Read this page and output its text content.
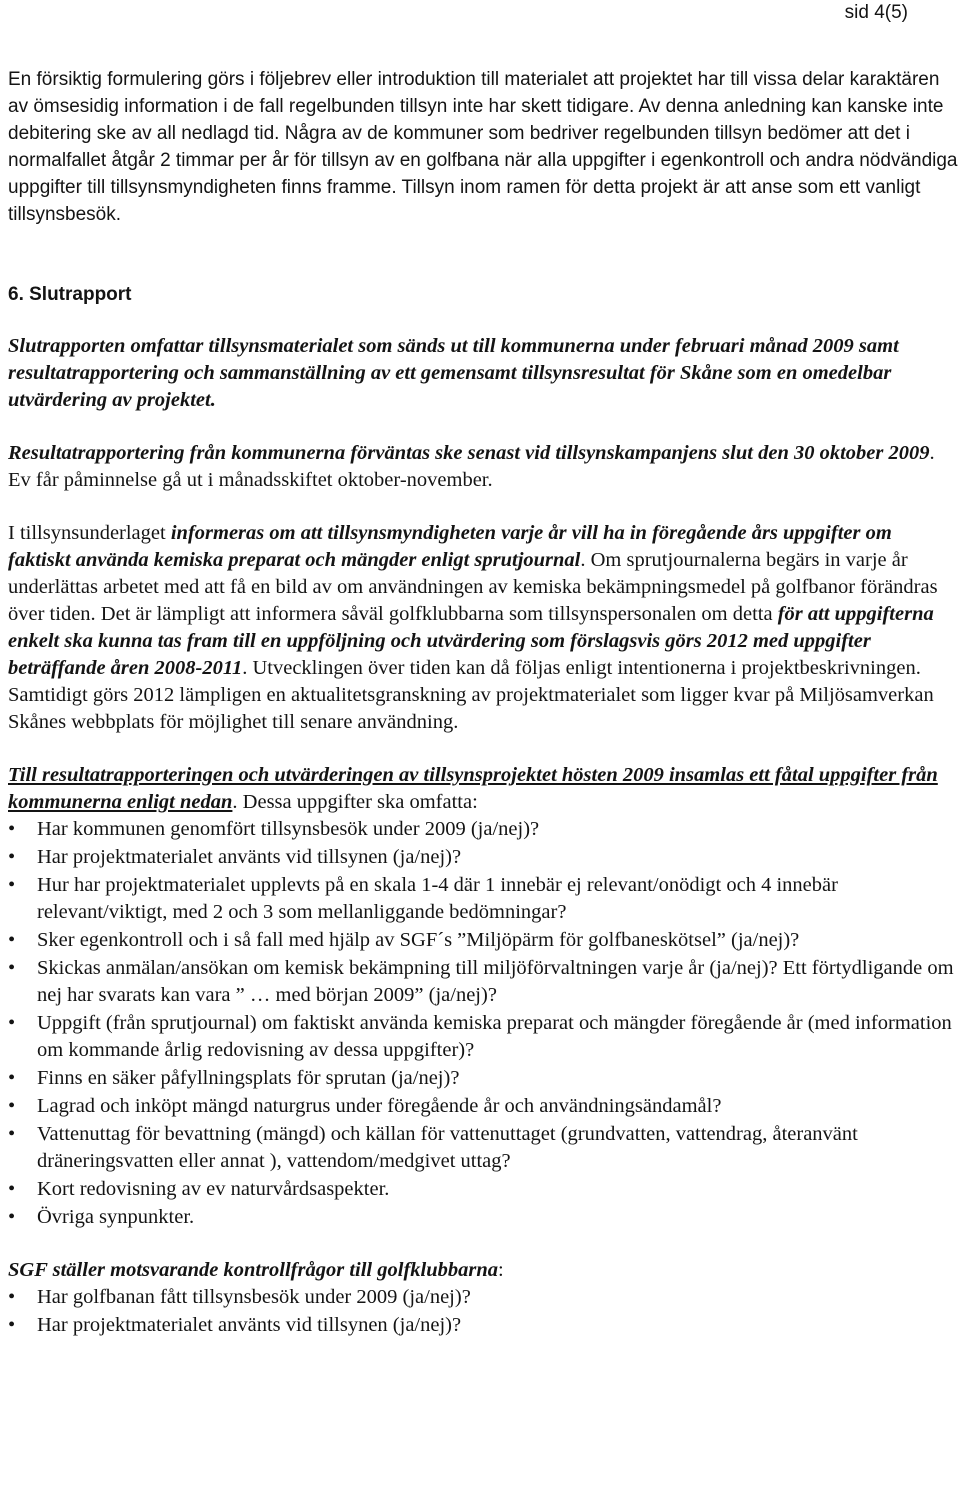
sid 4(5)

En försiktig formulering görs i följebrev eller introduktion till materialet att projektet har till vissa delar karaktären av ömsesidig information i de fall regelbunden tillsyn inte har skett tidigare. Av denna anledning kan kanske inte debitering ske av all nedlagd tid. Några av de kommuner som bedriver regelbunden tillsyn bedömer att det i normalfallet åtgår 2 timmar per år för tillsyn av en golfbana när alla uppgifter i egenkontroll och andra nödvändiga uppgifter till tillsynsmyndigheten finns framme. Tillsyn inom ramen för detta projekt är att anse som ett vanligt tillsynsbesök.

6. Slutrapport

Slutrapporten omfattar tillsynsmaterialet som sänds ut till kommunerna under februari månad 2009 samt resultatrapportering och sammanställning av ett gemensamt tillsynsresultat för Skåne som en omedelbar utvärdering av projektet.

Resultatrapportering från kommunerna förväntas ske senast vid tillsynskampanjens slut den 30 oktober 2009. Ev får påminnelse gå ut i månadsskiftet oktober-november.

I tillsynsunderlaget informeras om att tillsynsmyndigheten varje år vill ha in föregående års uppgifter om faktiskt använda kemiska preparat och mängder enligt sprutjournal. Om sprutjournalerna begärs in varje år underlättas arbetet med att få en bild av om användningen av kemiska bekämpningsmedel på golfbanor förändras över tiden. Det är lämpligt att informera såväl golfklubbarna som tillsynspersonalen om detta för att uppgifterna enkelt ska kunna tas fram till en uppföljning och utvärdering som förslagsvis görs 2012 med uppgifter beträffande åren 2008-2011. Utvecklingen över tiden kan då följas enligt intentionerna i projektbeskrivningen. Samtidigt görs 2012 lämpligen en aktualitetsgranskning av projektmaterialet som ligger kvar på Miljösamverkan Skånes webbplats för möjlighet till senare användning.

Till resultatrapporteringen och utvärderingen av tillsynsprojektet hösten 2009 insamlas ett fåtal uppgifter från kommunerna enligt nedan. Dessa uppgifter ska omfatta:

•	Har kommunen genomfört tillsynsbesök under 2009 (ja/nej)?
•	Har projektmaterialet använts vid tillsynen (ja/nej)?
•	Hur har projektmaterialet upplevts på en skala 1-4 där 1 innebär ej relevant/onödigt och 4 innebär relevant/viktigt, med 2 och 3 som mellanliggande bedömningar?
•	Sker egenkontroll och i så fall med hjälp av SGF´s ”Miljöpärm för golfbaneskötsel” (ja/nej)?
•	Skickas anmälan/ansökan om kemisk bekämpning till miljöförvaltningen varje år (ja/nej)? Ett förtydligande om nej har svarats kan vara ” … med början 2009” (ja/nej)?
•	Uppgift (från sprutjournal) om faktiskt använda kemiska preparat och mängder föregående år (med information om kommande årlig redovisning av dessa uppgifter)?
•	Finns en säker påfyllningsplats för sprutan (ja/nej)?
•	Lagrad och inköpt mängd naturgrus under föregående år och användningsändamål?
•	Vattenuttag för bevattning (mängd) och källan för vattenuttaget (grundvatten, vattendrag, återanvänt dräneringsvatten eller annat ), vattendom/medgivet uttag?
•	Kort redovisning av ev naturvårdsaspekter.
•	Övriga synpunkter.

SGF ställer motsvarande kontrollfrågor till golfklubbarna:

•	Har golfbanan fått tillsynsbesök under 2009 (ja/nej)?
•	Har projektmaterialet använts vid tillsynen (ja/nej)?
